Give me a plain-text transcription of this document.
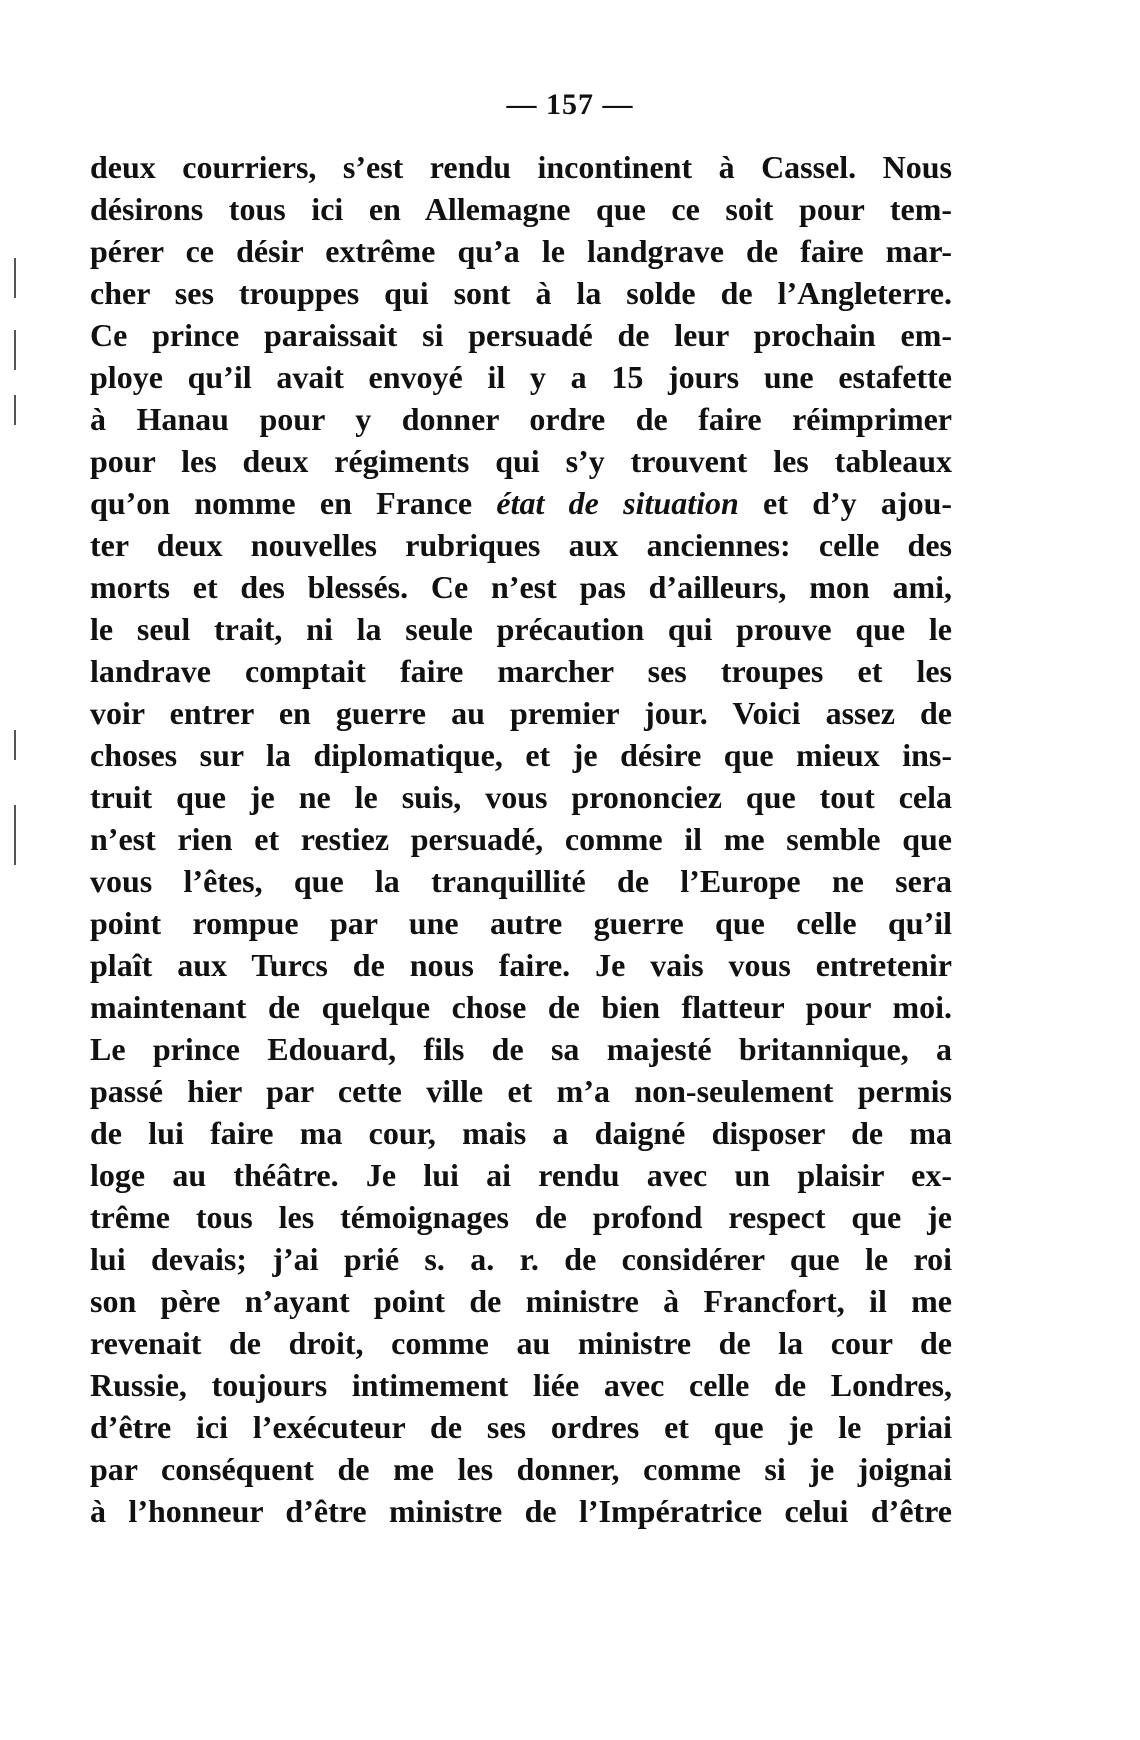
— 157 —
deux courriers, s’est rendu incontinent à Cassel. Nous
désirons tous ici en Allemagne que ce soit pour tem-
pérer ce désir extrême qu’a le landgrave de faire mar-
cher ses trouppes qui sont à la solde de l’Angleterre.
Ce prince paraissait si persuadé de leur prochain em-
ploye qu’il avait envoyé il y a 15 jours une estafette
à Hanau pour y donner ordre de faire réimprimer
pour les deux régiments qui s’y trouvent les tableaux
qu’on nomme en France état de situation et d’y ajou-
ter deux nouvelles rubriques aux anciennes: celle des
morts et des blessés. Ce n’est pas d’ailleurs, mon ami,
le seul trait, ni la seule précaution qui prouve que le
landrave comptait faire marcher ses troupes et les
voir entrer en guerre au premier jour. Voici assez de
choses sur la diplomatique, et je désire que mieux ins-
truit que je ne le suis, vous prononciez que tout cela
n’est rien et restiez persuadé, comme il me semble que
vous l’êtes, que la tranquillité de l’Europe ne sera
point rompue par une autre guerre que celle qu’il
plaît aux Turcs de nous faire. Je vais vous entretenir
maintenant de quelque chose de bien flatteur pour moi.
Le prince Edouard, fils de sa majesté britannique, a
passé hier par cette ville et m’a non-seulement permis
de lui faire ma cour, mais a daigné disposer de ma
loge au théâtre. Je lui ai rendu avec un plaisir ex-
trême tous les témoignages de profond respect que je
lui devais; j’ai prié s. a. r. de considérer que le roi
son père n’ayant point de ministre à Francfort, il me
revenait de droit, comme au ministre de la cour de
Russie, toujours intimement liée avec celle de Londres,
d’être ici l’exécuteur de ses ordres et que je le priai
par conséquent de me les donner, comme si je joignai
à l’honneur d’être ministre de l’Impératrice celui d’être
